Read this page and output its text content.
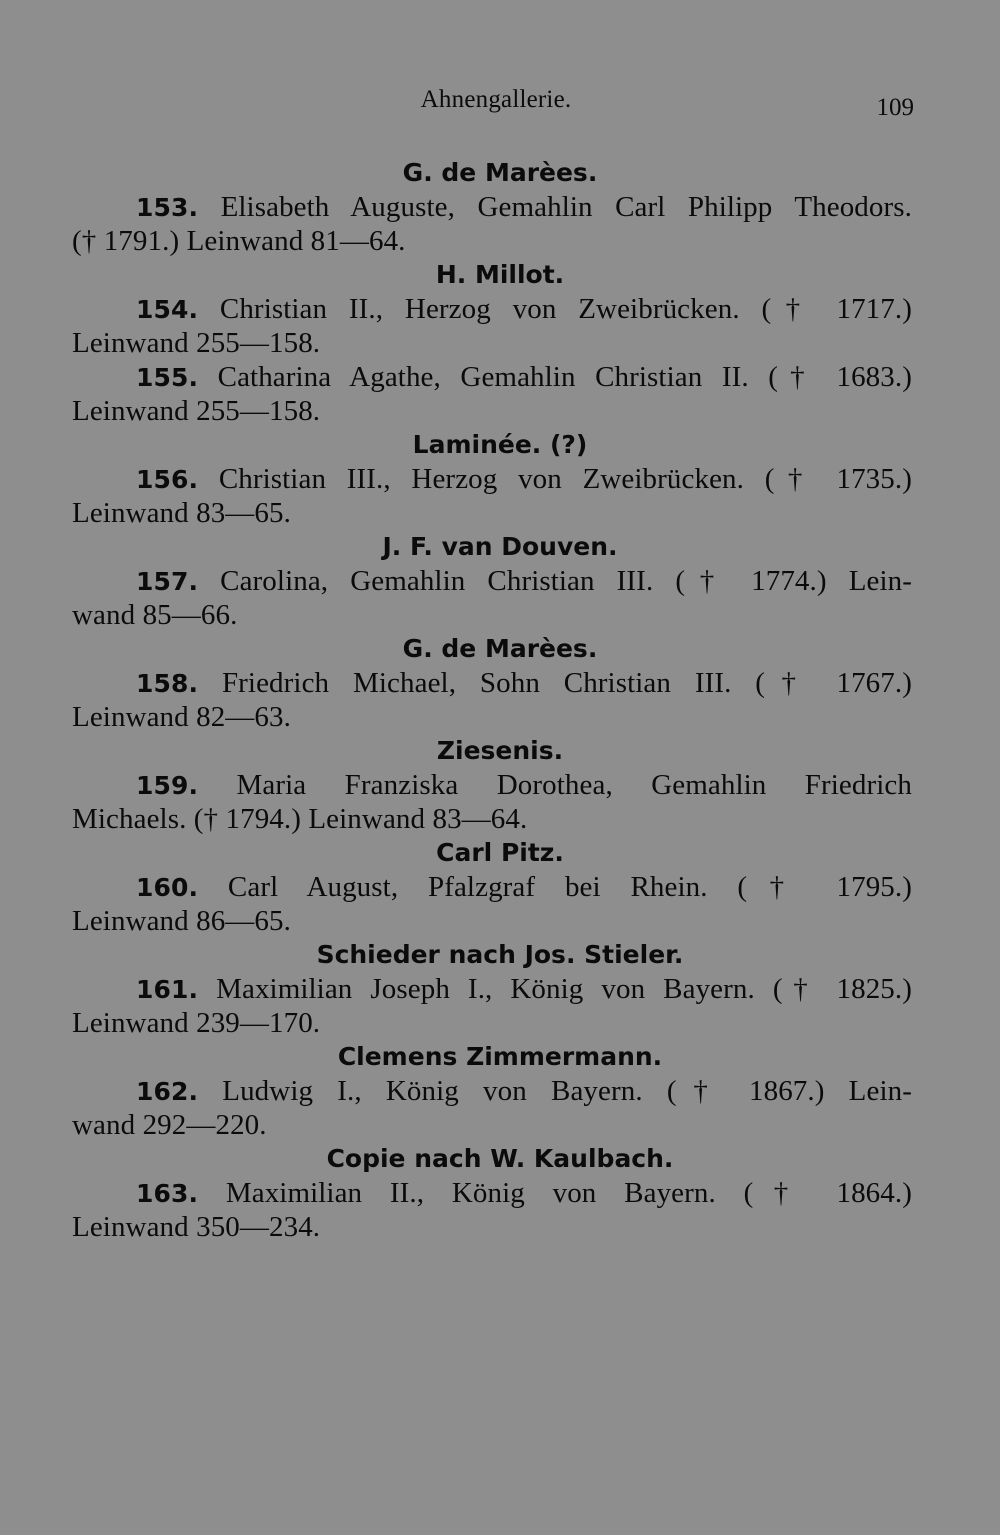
Ahnengallerie.	109
G. de Marèes.
153. Elisabeth Auguste, Gemahlin Carl Philipp Theodors.
(† 1791.) Leinwand 81—64.
H. Millot.
154. Christian II., Herzog von Zweibrücken. († 1717.)
Leinwand 255—158.
155. Catharina Agathe, Gemahlin Christian II. († 1683.)
Leinwand 255—158.
Laminée. (?)
156. Christian III., Herzog von Zweibrücken. († 1735.)
Leinwand 83—65.
J. F. van Douven.
157. Carolina, Gemahlin Christian III. († 1774.) Lein-
wand 85—66.
G. de Marèes.
158. Friedrich Michael, Sohn Christian III. († 1767.)
Leinwand 82—63.
Ziesenis.
159. Maria Franziska Dorothea, Gemahlin Friedrich
Michaels. († 1794.) Leinwand 83—64.
Carl Pitz.
160. Carl August, Pfalzgraf bei Rhein. († 1795.)
Leinwand 86—65.
Schieder nach Jos. Stieler.
161. Maximilian Joseph I., König von Bayern. († 1825.)
Leinwand 239—170.
Clemens Zimmermann.
162. Ludwig I., König von Bayern. († 1867.) Lein-
wand 292—220.
Copie nach W. Kaulbach.
163. Maximilian II., König von Bayern. († 1864.)
Leinwand 350—234.
